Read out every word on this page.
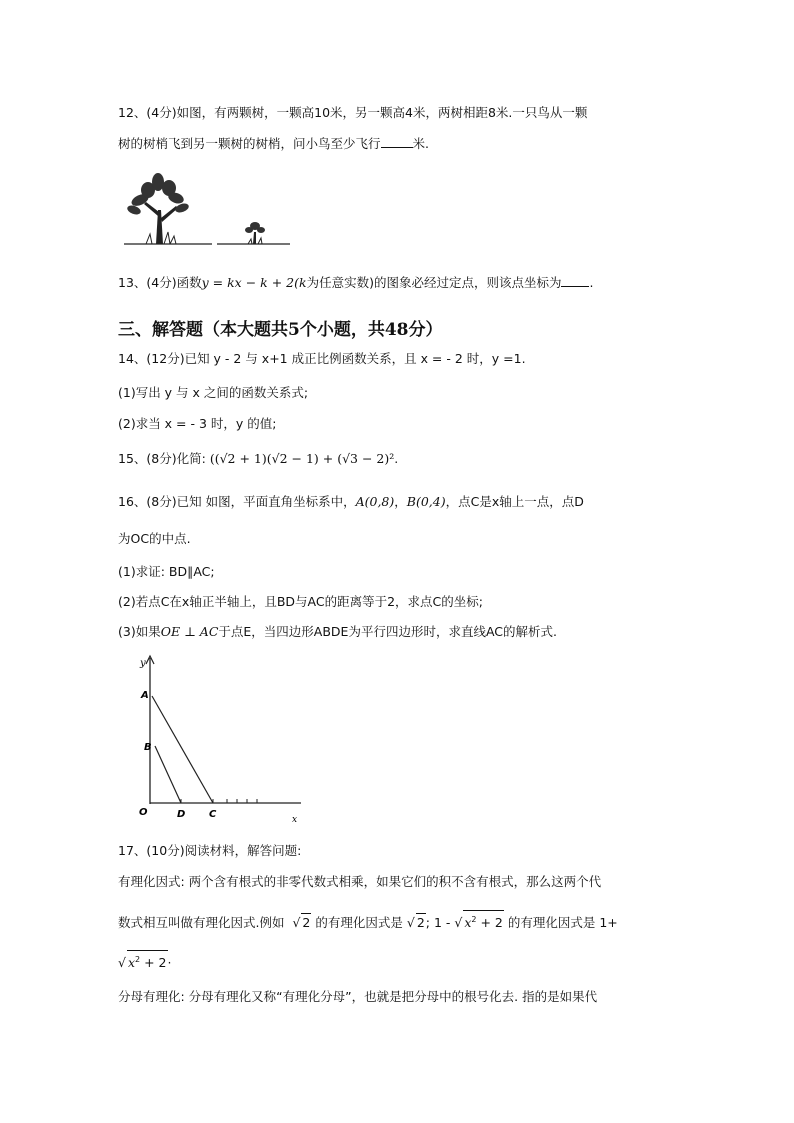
12、(4分)如图，有两颗树，一颗高10米，另一颗高4米，两树相距8米.一只鸟从一颗
树的树梢飞到另一颗树的树梢，问小鸟至少飞行	米.
13、(4分)函数y = kx − k + 2(k为任意实数)的图象必经过定点，则该点坐标为 .
三、解答题（本大题共5个小题，共48分）
14、(12分)已知 y - 2 与 x+1 成正比例函数关系，且 x = - 2 时，y =1.
(1)写出 y 与 x 之间的函数关系式;
(2)求当 x = - 3 时，y 的值;
15、(8分)化简: ((√2 + 1)(√2 − 1) + (√3 − 2)².
16、(8分)已知 如图，平面直角坐标系中，A(0,8)，B(0,4)，点C是x轴上一点，点D
为OC的中点.
(1)求证: BD∥AC;
(2)若点C在x轴正半轴上，且BD与AC的距离等于2，求点C的坐标;
(3)如果OE ⊥ AC于点E，当四边形ABDE为平行四边形时，求直线AC的解析式.
y
x
O
A
B
D C
17、(10分)阅读材料，解答问题:
有理化因式: 两个含有根式的非零代数式相乘，如果它们的积不含有根式，那么这两个代
数式相互叫做有理化因式.例如 √ 2 的有理化因式是 √ 2; 1 - √ $x^2 + 2$ 的有理化因式是 1+
√ $x^2 + 2\cdot$
分母有理化: 分母有理化又称“有理化分母”，也就是把分母中的根号化去. 指的是如果代
